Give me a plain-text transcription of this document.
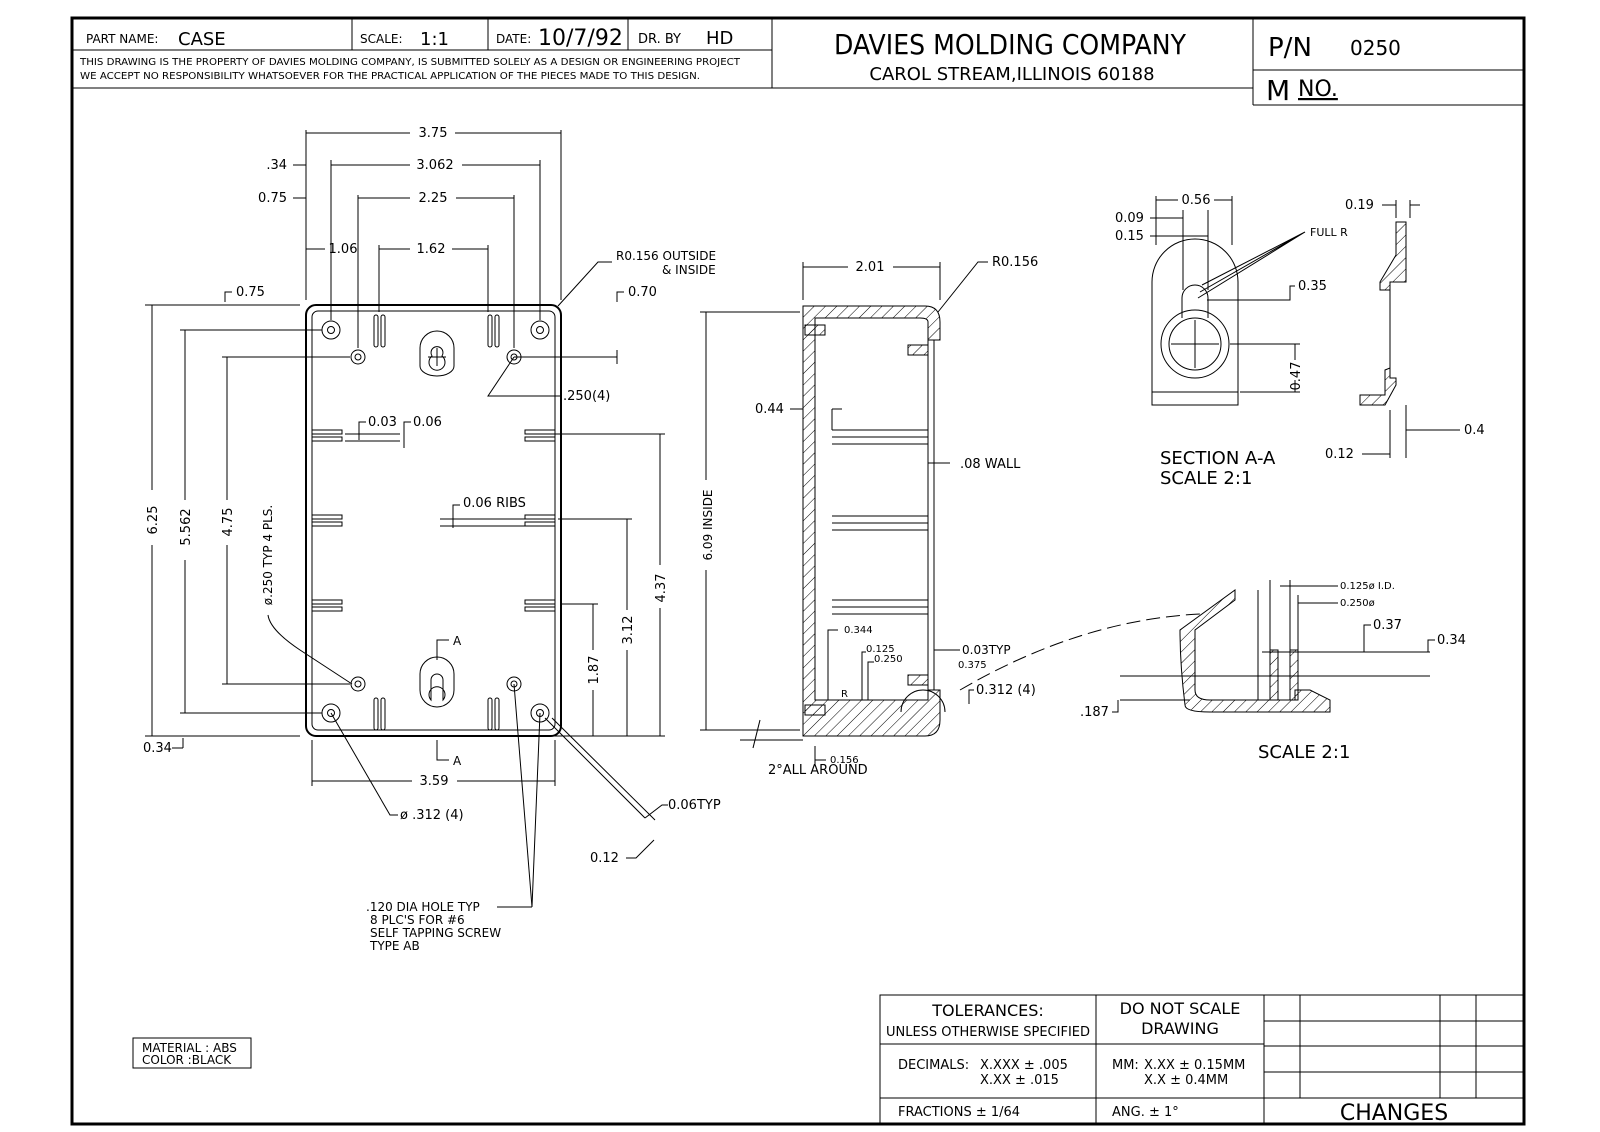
PART NAME: CASE	SCALE: 1:1	DATE: 10/7/92 DR. BY HD
THIS DRAWING IS THE PROPERTY OF DAVIES MOLDING COMPANY, IS SUBMITTED SOLELY AS A DESIGN OR ENGINEERING PROJECT
WE ACCEPT NO RESPONSIBILITY WHATSOEVER FOR THE PRACTICAL APPLICATION OF THE PIECES MADE TO THIS DESIGN.
DAVIES MOLDING COMPANY
CAROL STREAM,ILLINOIS 60188
P/N 0250
M NO.
3.75
3.062
2.25
1.06	1.62
.34
0.75
0.75	0.70
R0.156 OUTSIDE
& INSIDE
.250(4)
0.03 0.06
0.06 RIBS
6.25 5.562 4.75 ø.250 TYP 4 PLS.	4.37
3.12
1.87
A
A
0.34
3.59
ø .312 (4)
0.06TYP
0.12
.120 DIA HOLE TYP
8 PLC'S FOR #6
SELF TAPPING SCREW
TYPE AB
2.01	R0.156
0.44
6.09 INSIDE
.08 WALL
0.344
0.125
0.250
0.03TYP
0.375
0.312 (4)
R
0.156
2°ALL AROUND
0.56
0.09
0.15	FULL R
0.35
0.47
0.19
0.4
0.12
SECTION A-A
SCALE 2:1
0.125ø I.D.
0.250ø
0.37
0.34
.187
SCALE 2:1
MATERIAL : ABS
COLOR :BLACK
TOLERANCES:
UNLESS OTHERWISE SPECIFIED
DO NOT SCALE
DRAWING
DECIMALS: X.XXX ± .005
X.XX ± .015
MM: X.XX ± 0.15MM
X.X ± 0.4MM
FRACTIONS ± 1/64	ANG. ± 1°	CHANGES
